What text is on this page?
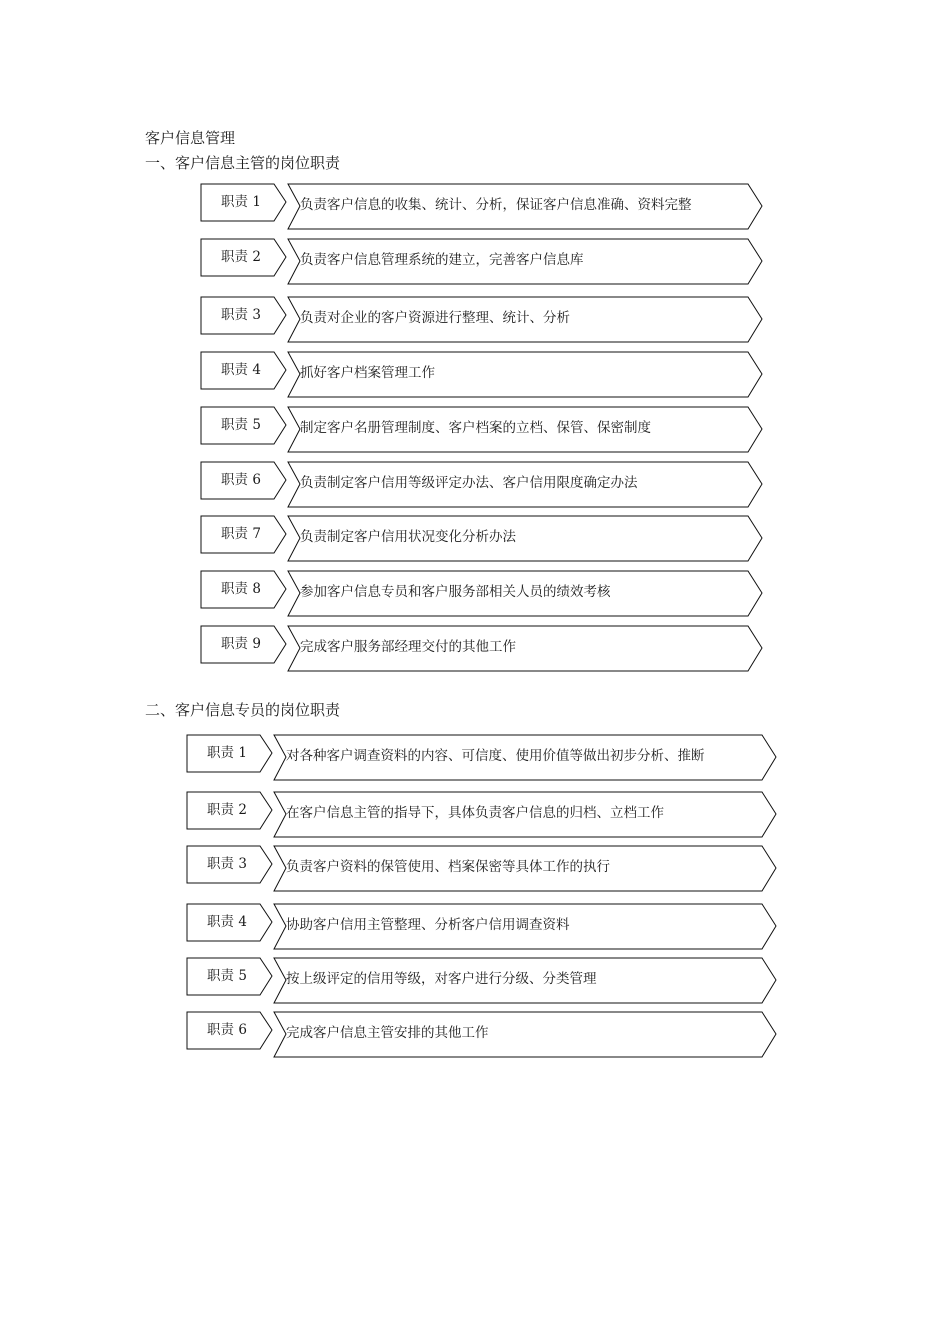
客户信息管理
一、客户信息主管的岗位职责
职责 1	负责客户信息的收集、统计、分析，保证客户信息准确、资料完整
职责 2	负责客户信息管理系统的建立，完善客户信息库
职责 3	负责对企业的客户资源进行整理、统计、分析
职责 4	抓好客户档案管理工作
职责 5	制定客户名册管理制度、客户档案的立档、保管、保密制度
职责 6	负责制定客户信用等级评定办法、客户信用限度确定办法
职责 7	负责制定客户信用状况变化分析办法
职责 8	参加客户信息专员和客户服务部相关人员的绩效考核
职责 9	完成客户服务部经理交付的其他工作
二、客户信息专员的岗位职责
职责 1	对各种客户调查资料的内容、可信度、使用价值等做出初步分析、推断
职责 2	在客户信息主管的指导下，具体负责客户信息的归档、立档工作
职责 3	负责客户资料的保管使用、档案保密等具体工作的执行
职责 4	协助客户信用主管整理、分析客户信用调查资料
职责 5	按上级评定的信用等级，对客户进行分级、分类管理
职责 6	完成客户信息主管安排的其他工作
